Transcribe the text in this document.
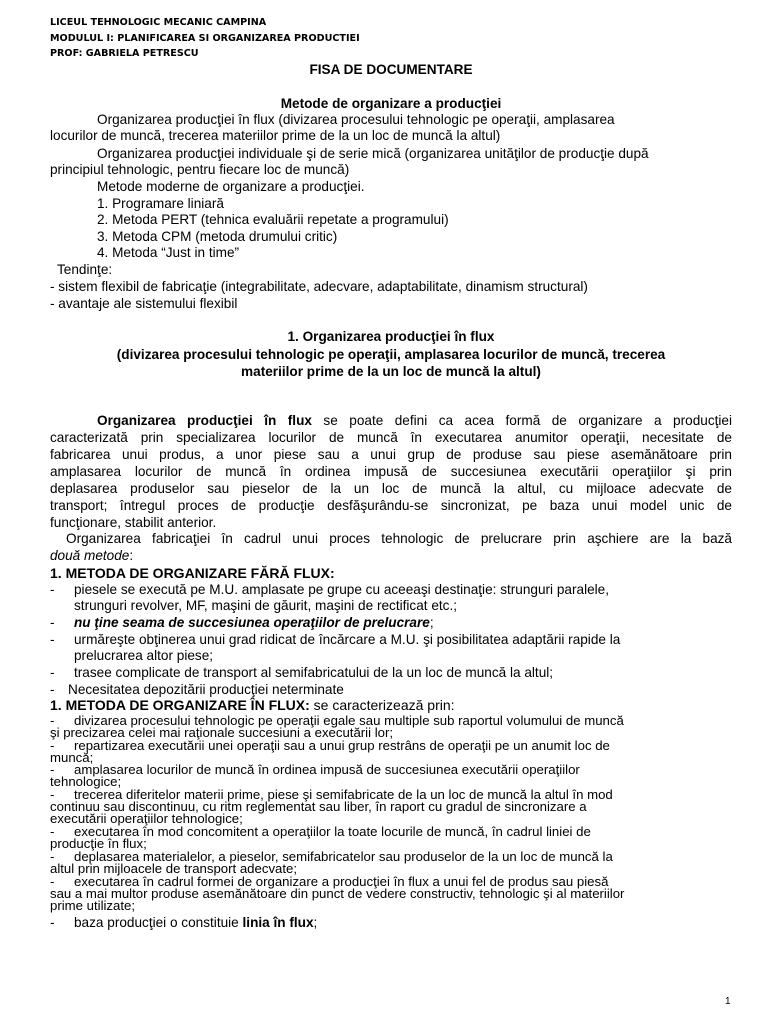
LICEUL TEHNOLOGIC MECANIC CAMPINA
MODULUL I: PLANIFICAREA SI ORGANIZAREA PRODUCTIEI
PROF: GABRIELA PETRESCU
FISA DE DOCUMENTARE
Metode de organizare a producţiei
Organizarea producţiei în flux (divizarea procesului tehnologic pe operaţii, amplasarea
locurilor de muncă, trecerea materiilor prime de la un loc de muncă la altul)
Organizarea producţiei individuale şi de serie mică (organizarea unităţilor de producţie după
principiul tehnologic, pentru fiecare loc de muncă)
Metode moderne de organizare a producţiei.
1. Programare liniară
2. Metoda PERT (tehnica evaluării repetate a programului)
3. Metoda CPM (metoda drumului critic)
4. Metoda “Just in time”
Tendinţe:
- sistem flexibil de fabricaţie (integrabilitate, adecvare, adaptabilitate, dinamism structural)
- avantaje ale sistemului flexibil
1. Organizarea producţiei în flux
(divizarea procesului tehnologic pe operaţii, amplasarea locurilor de muncă, trecerea
materiilor prime de la un loc de muncă la altul)
Organizarea producţiei în flux se poate defini ca acea formă de organizare a producţiei
caracterizată prin specializarea locurilor de muncă în executarea anumitor operaţii, necesitate de
fabricarea unui produs, a unor piese sau a unui grup de produse sau piese asemănătoare prin
amplasarea locurilor de muncă în ordinea impusă de succesiunea executării operaţiilor şi prin
deplasarea produselor sau pieselor de la un loc de muncă la altul, cu mijloace adecvate de
transport; întregul proces de producţie desfăşurându-se sincronizat, pe baza unui model unic de
funcţionare, stabilit anterior.
Organizarea fabricaţiei în cadrul unui proces tehnologic de prelucrare prin aşchiere are la bază
două metode:
1. METODA DE ORGANIZARE FĂRĂ FLUX:
- piesele se execută pe M.U. amplasate pe grupe cu aceeaşi destinaţie: strunguri paralele,
strunguri revolver, MF, maşini de găurit, maşini de rectificat etc.;
- nu ţine seama de succesiunea operaţiilor de prelucrare;
- urmăreşte obţinerea unui grad ridicat de încărcare a M.U. şi posibilitatea adaptării rapide la
prelucrarea altor piese;
- trasee complicate de transport al semifabricatului de la un loc de muncă la altul;
- Necesitatea depozitării producţiei neterminate
1. METODA DE ORGANIZARE ÎN FLUX: se caracterizează prin:
- divizarea procesului tehnologic pe operaţii egale sau multiple sub raportul volumului de muncă
şi precizarea celei mai raţionale succesiuni a executării lor;
- repartizarea executării unei operaţii sau a unui grup restrâns de operaţii pe un anumit loc de
muncă;
- amplasarea locurilor de muncă în ordinea impusă de succesiunea executării operaţiilor
tehnologice;
- trecerea diferitelor materii prime, piese şi semifabricate de la un loc de muncă la altul în mod
continuu sau discontinuu, cu ritm reglementat sau liber, în raport cu gradul de sincronizare a
executării operaţiilor tehnologice;
- executarea în mod concomitent a operaţiilor la toate locurile de muncă, în cadrul liniei de
producţie în flux;
- deplasarea materialelor, a pieselor, semifabricatelor sau produselor de la un loc de muncă la
altul prin mijloacele de transport adecvate;
- executarea în cadrul formei de organizare a producţiei în flux a unui fel de produs sau piesă
sau a mai multor produse asemănătoare din punct de vedere constructiv, tehnologic şi al materiilor
prime utilizate;
- baza producţiei o constituie linia în flux;
1
